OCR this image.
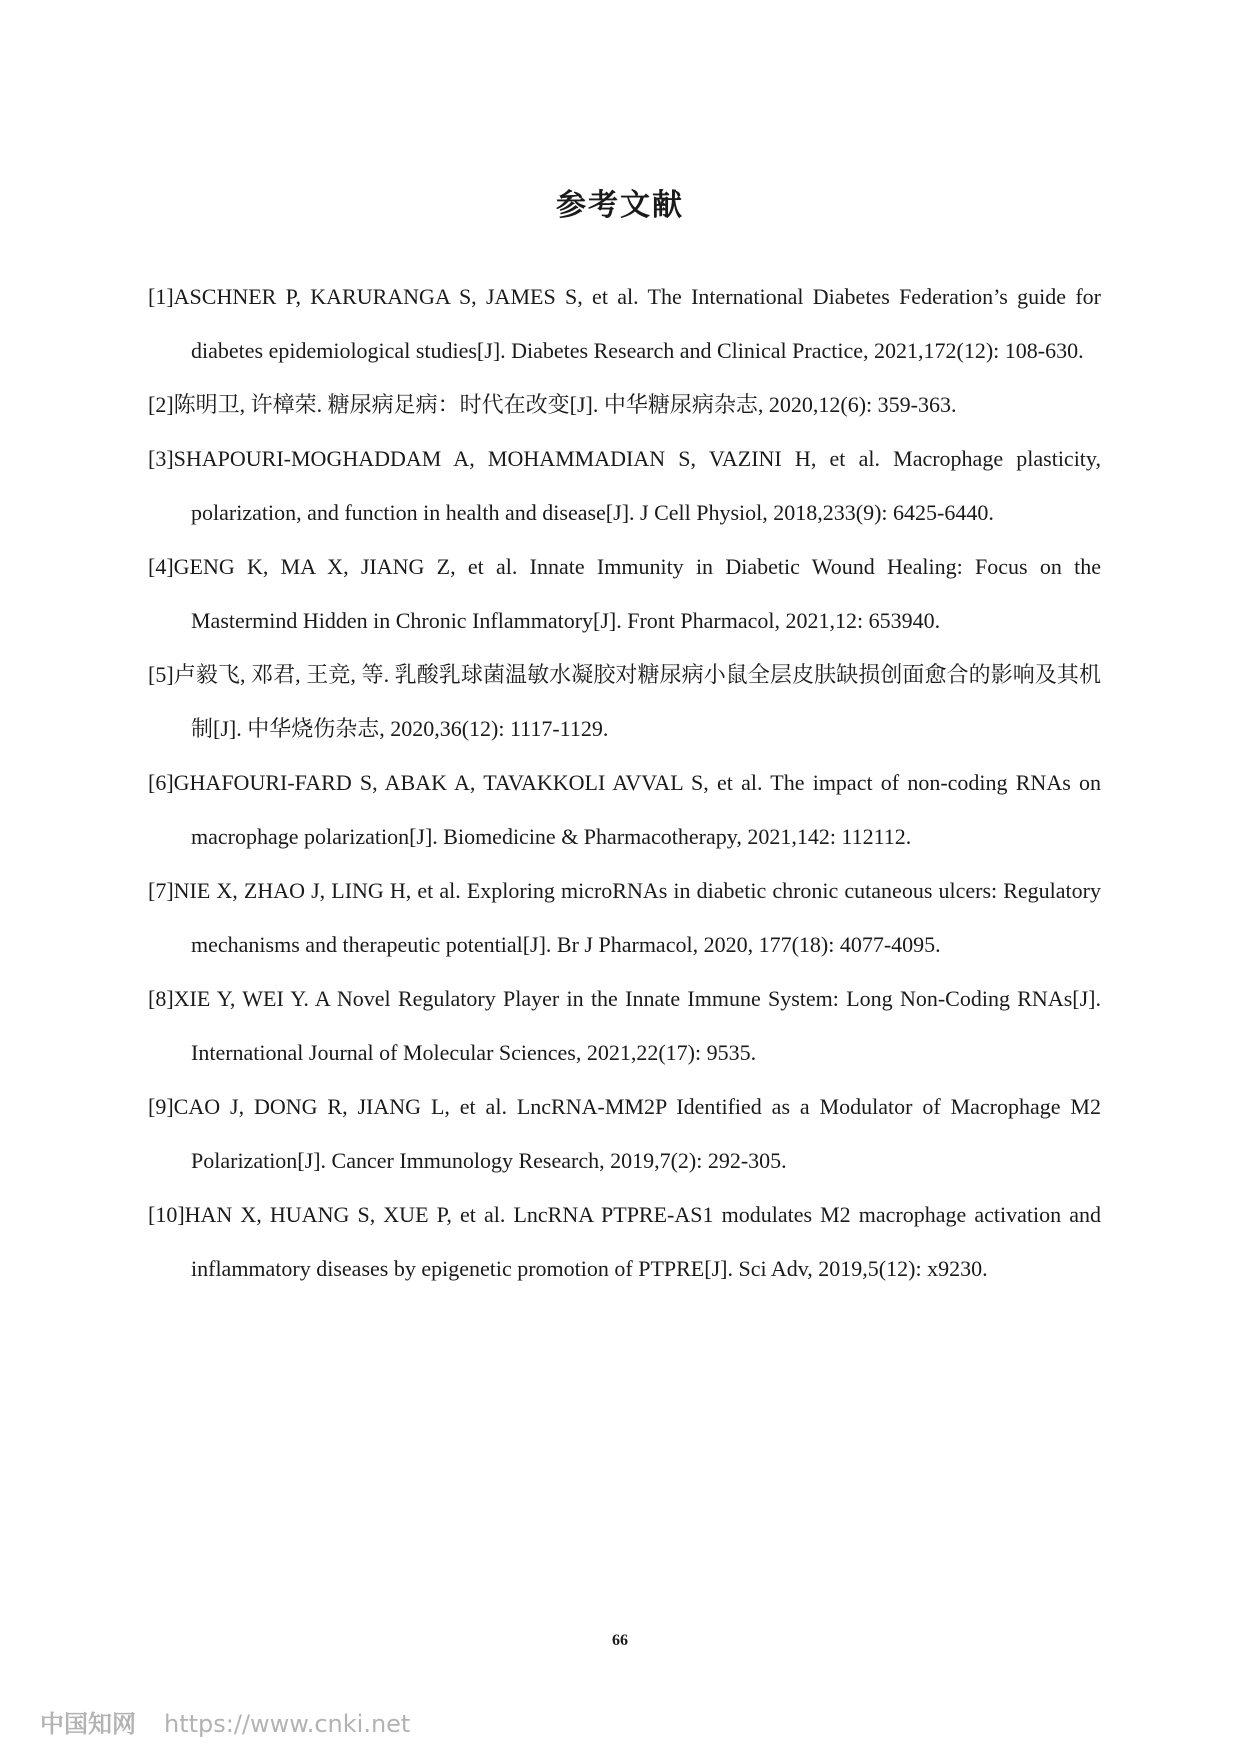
参考文献
[1]ASCHNER P, KARURANGA S, JAMES S, et al. The International Diabetes Federation’s guide for diabetes epidemiological studies[J]. Diabetes Research and Clinical Practice, 2021,172(12): 108-630.
[2]陈明卫, 许樟荣. 糖尿病足病：时代在改变[J]. 中华糖尿病杂志, 2020,12(6): 359-363.
[3]SHAPOURI-MOGHADDAM A, MOHAMMADIAN S, VAZINI H, et al. Macrophage plasticity, polarization, and function in health and disease[J]. J Cell Physiol, 2018,233(9): 6425-6440.
[4]GENG K, MA X, JIANG Z, et al. Innate Immunity in Diabetic Wound Healing: Focus on the Mastermind Hidden in Chronic Inflammatory[J]. Front Pharmacol, 2021,12: 653940.
[5]卢毅飞, 邓君, 王竞, 等. 乳酸乳球菌温敏水凝胶对糖尿病小鼠全层皮肤缺损创面愈合的影响及其机制[J]. 中华烧伤杂志, 2020,36(12): 1117-1129.
[6]GHAFOURI-FARD S, ABAK A, TAVAKKOLI AVVAL S, et al. The impact of non-coding RNAs on macrophage polarization[J]. Biomedicine & Pharmacotherapy, 2021,142: 112112.
[7]NIE X, ZHAO J, LING H, et al. Exploring microRNAs in diabetic chronic cutaneous ulcers: Regulatory mechanisms and therapeutic potential[J]. Br J Pharmacol, 2020, 177(18): 4077-4095.
[8]XIE Y, WEI Y. A Novel Regulatory Player in the Innate Immune System: Long Non-Coding RNAs[J]. International Journal of Molecular Sciences, 2021,22(17): 9535.
[9]CAO J, DONG R, JIANG L, et al. LncRNA-MM2P Identified as a Modulator of Macrophage M2 Polarization[J]. Cancer Immunology Research, 2019,7(2): 292-305.
[10]HAN X, HUANG S, XUE P, et al. LncRNA PTPRE-AS1 modulates M2 macrophage activation and inflammatory diseases by epigenetic promotion of PTPRE[J]. Sci Adv, 2019,5(12): x9230.
66
中国知网 https://www.cnki.net
